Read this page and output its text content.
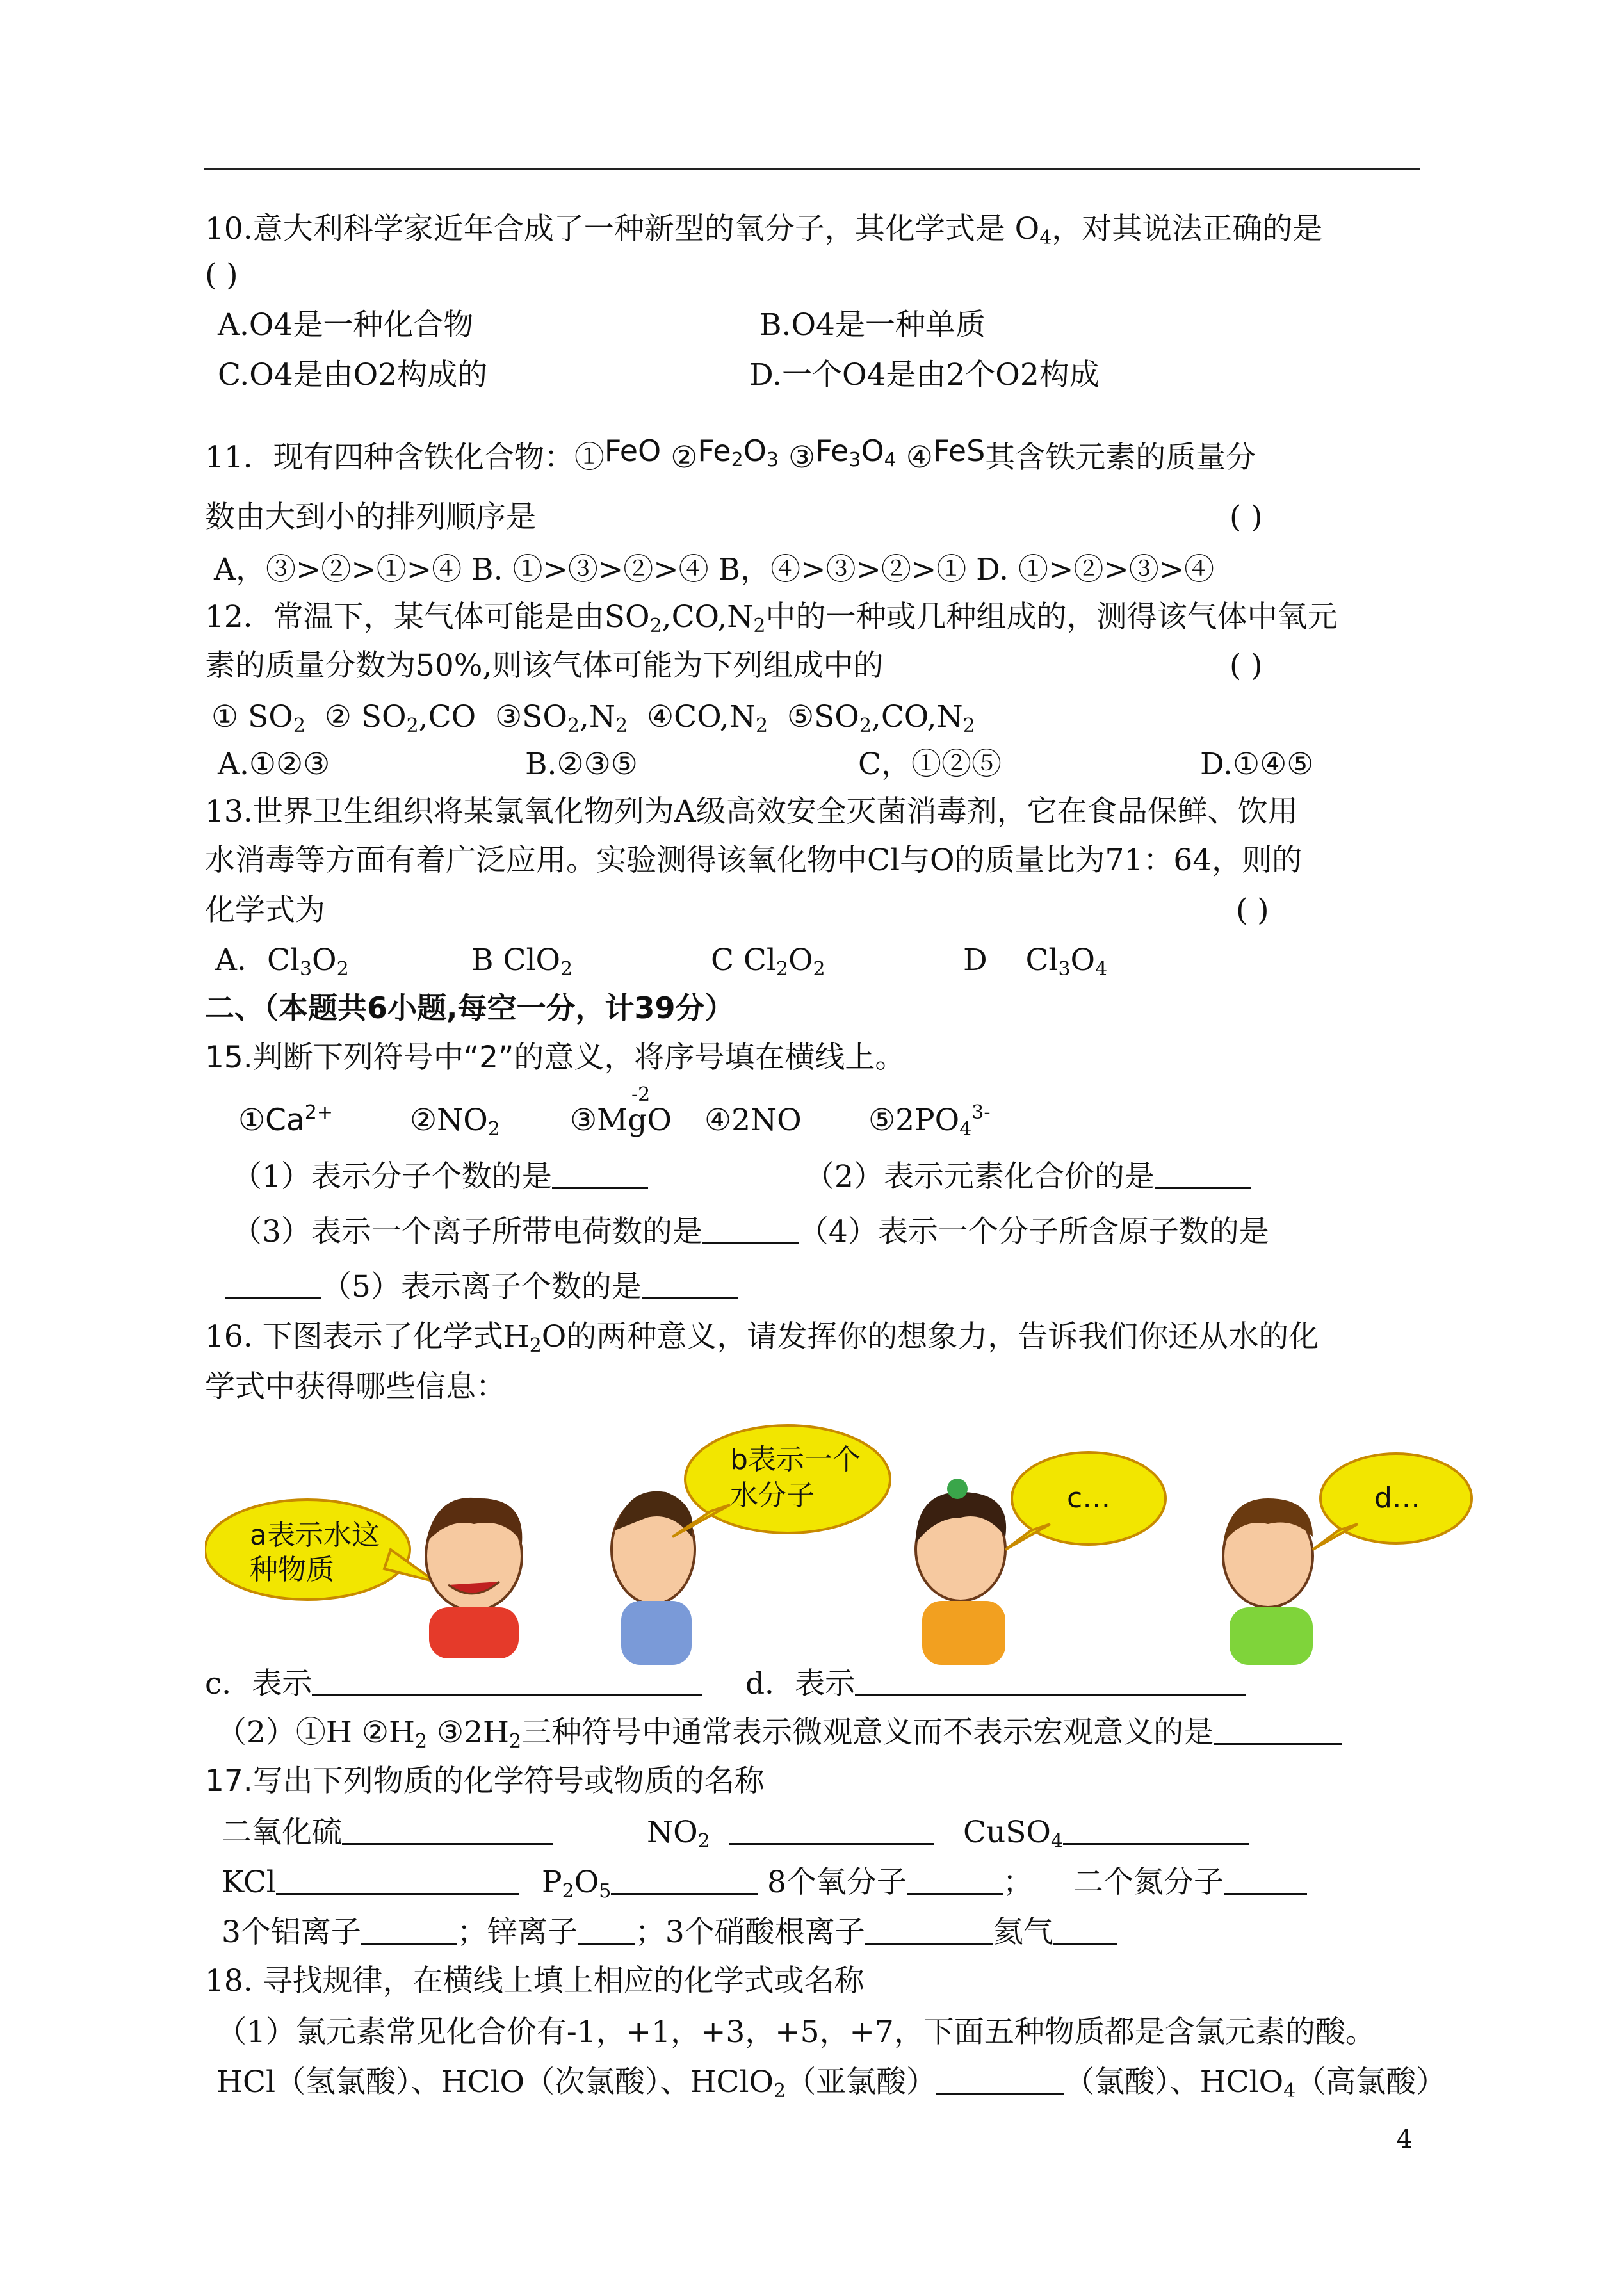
10.意大利科学家近年合成了一种新型的氧分子，其化学式是 $O_4$，对其说法正确的是
( )
A.O4是一种化合物	B.O4是一种单质
C.O4是由O2构成的	D.一个O4是由2个O2构成
11．现有四种含铁化合物：①FeO $②Fe_2O_3$ $③Fe_3O_4$ ④FeS其含铁元素的质量分
数由大到小的排列顺序是	( )
A，③>②>①>④ B. ①>③>②>④ B，④>③>②>① D. ①>②>③>④
12．常温下，某气体可能是由$SO_2,CO,N_2$中的一种或几种组成的，测得该气体中氧元
素的质量分数为50%,则该气体可能为下列组成中的	( )
① $SO_2$  ② $SO_2,CO$  $③SO_2,N_2$  $④CO,N_2$  $⑤SO_2,CO,N_2$
A.①②③	B.②③⑤	C，①②⑤	D.①④⑤
13.世界卫生组织将某氯氧化物列为A级高效安全灭菌消毒剂，它在食品保鲜、饮用
水消毒等方面有着广泛应用。实验测得该氧化物中Cl与O的质量比为71：64，则的
化学式为	( )
A．$Cl_3O_2$	B ClO$_2$	C $Cl_2O_2$	D    $Cl_3O_4$
二、（本题共6小题,每空一分，计39分）
15.判断下列符号中“2”的意义，将序号填在横线上。
$①Ca^{2+}$	$②NO_2$ ③MgO
-2
④2NO $⑤2PO_4^{3-}$
（1）表示分子个数的是	（2）表示元素化合价的是
（3）表示一个离子所带电荷数的是	（4）表示一个分子所含原子数的是
（5）表示离子个数的是
16. 下图表示了化学式$H_2O$的两种意义，请发挥你的想象力，告诉我们你还从水的化
学式中获得哪些信息：
a表示水这
种物质
b表示一个
水分子	c…	d…
c．表示	d．表示
（2）①H $②H_2$ $③2H_2$三种符号中通常表示微观意义而不表示宏观意义的是
17.写出下列物质的化学符号或物质的名称
二氧化硫	$NO_2$	CuSO$_4$
KCl	$P_2O_5$	8个氧分子	； 二个氮分子
3个铝离子	；锌离子 ；3个硝酸根离子	氦气
18. 寻找规律，在横线上填上相应的化学式或名称
（1）氯元素常见化合价有-1，+1，+3，+5，+7，下面五种物质都是含氯元素的酸。
HCl（氢氯酸）、HClO（次氯酸）、HClO$_2$（亚氯酸）	（氯酸）、HClO$_4$（高氯酸）
4
